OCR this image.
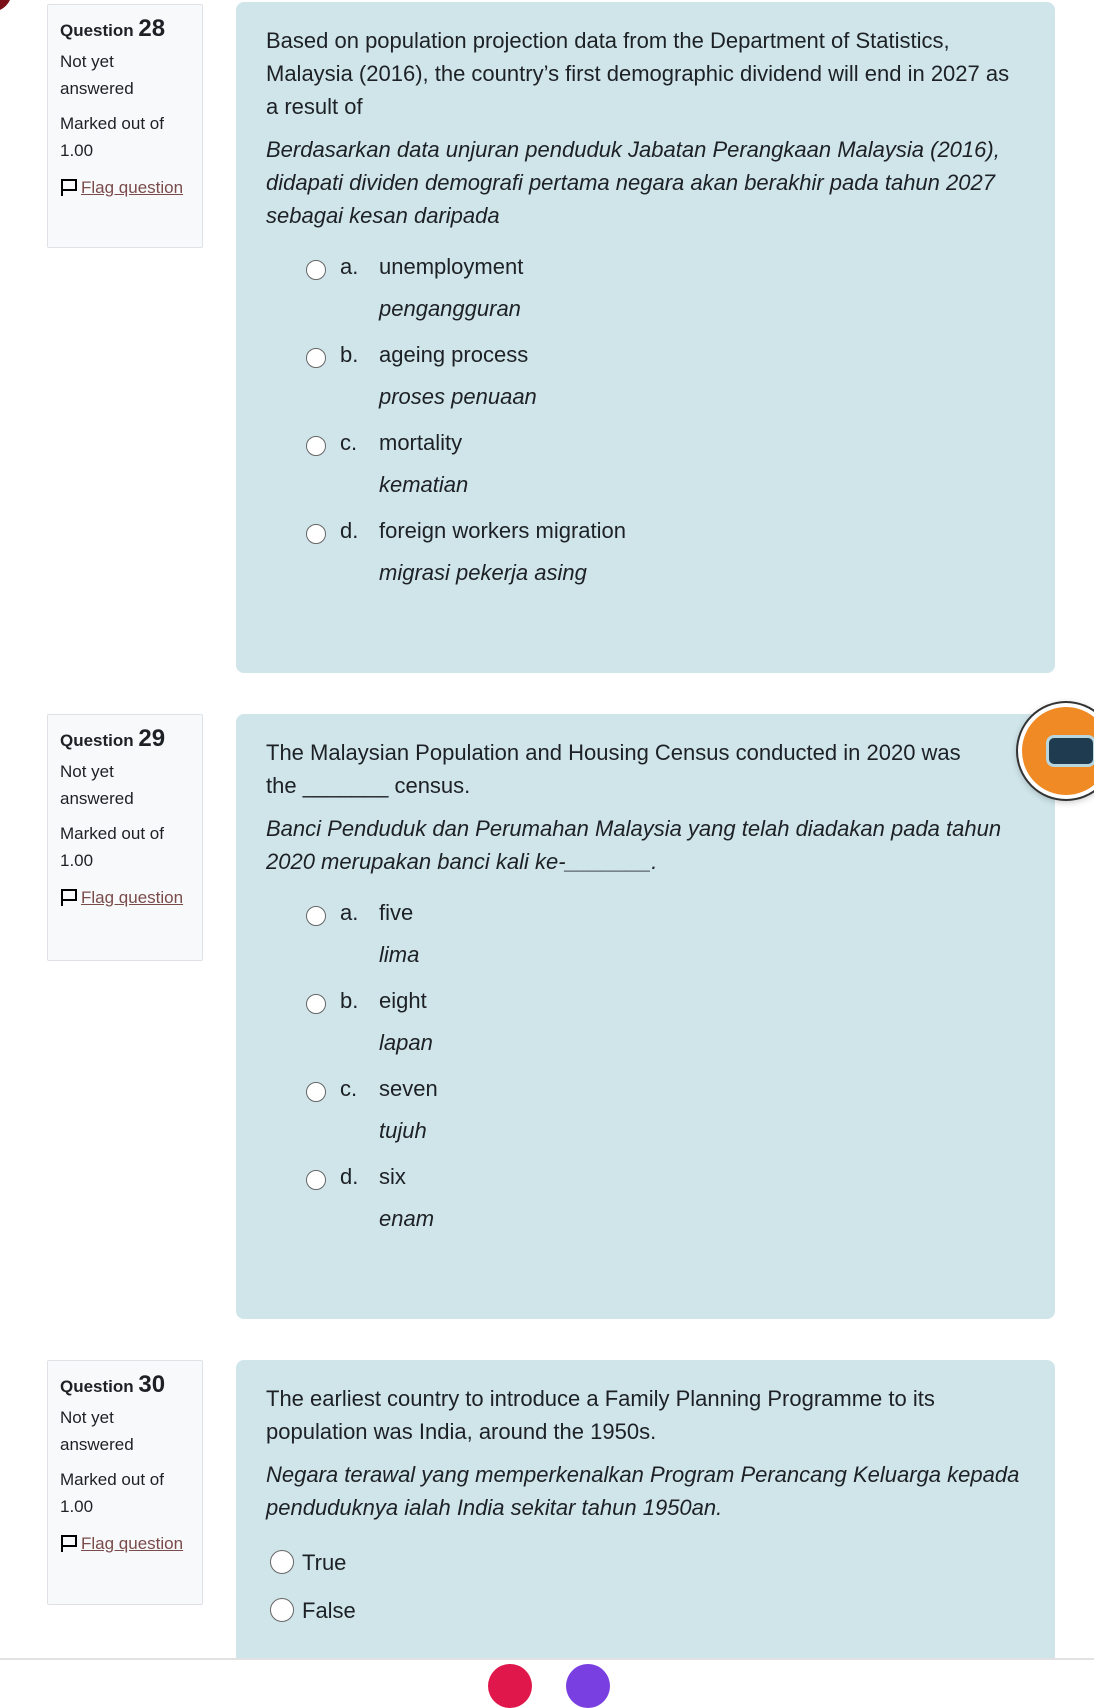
Question 28
Not yet answered
Marked out of 1.00
Flag question
Based on population projection data from the Department of Statistics, Malaysia (2016), the country’s first demographic dividend will end in 2027 as a result of
Berdasarkan data unjuran penduduk Jabatan Perangkaan Malaysia (2016), didapati dividen demografi pertama negara akan berakhir pada tahun 2027 sebagai kesan daripada
a. unemployment
pengangguran
b. ageing process
proses penuaan
c. mortality
kematian
d. foreign workers migration
migrasi pekerja asing
Question 29
Not yet answered
Marked out of 1.00
Flag question
The Malaysian Population and Housing Census conducted in 2020 was the _______ census.
Banci Penduduk dan Perumahan Malaysia yang telah diadakan pada tahun 2020 merupakan banci kali ke-_______.
a. five
lima
b. eight
lapan
c. seven
tujuh
d. six
enam
Question 30
Not yet answered
Marked out of 1.00
Flag question
The earliest country to introduce a Family Planning Programme to its population was India, around the 1950s.
Negara terawal yang memperkenalkan Program Perancang Keluarga kepada penduduknya ialah India sekitar tahun 1950an.
True
False
